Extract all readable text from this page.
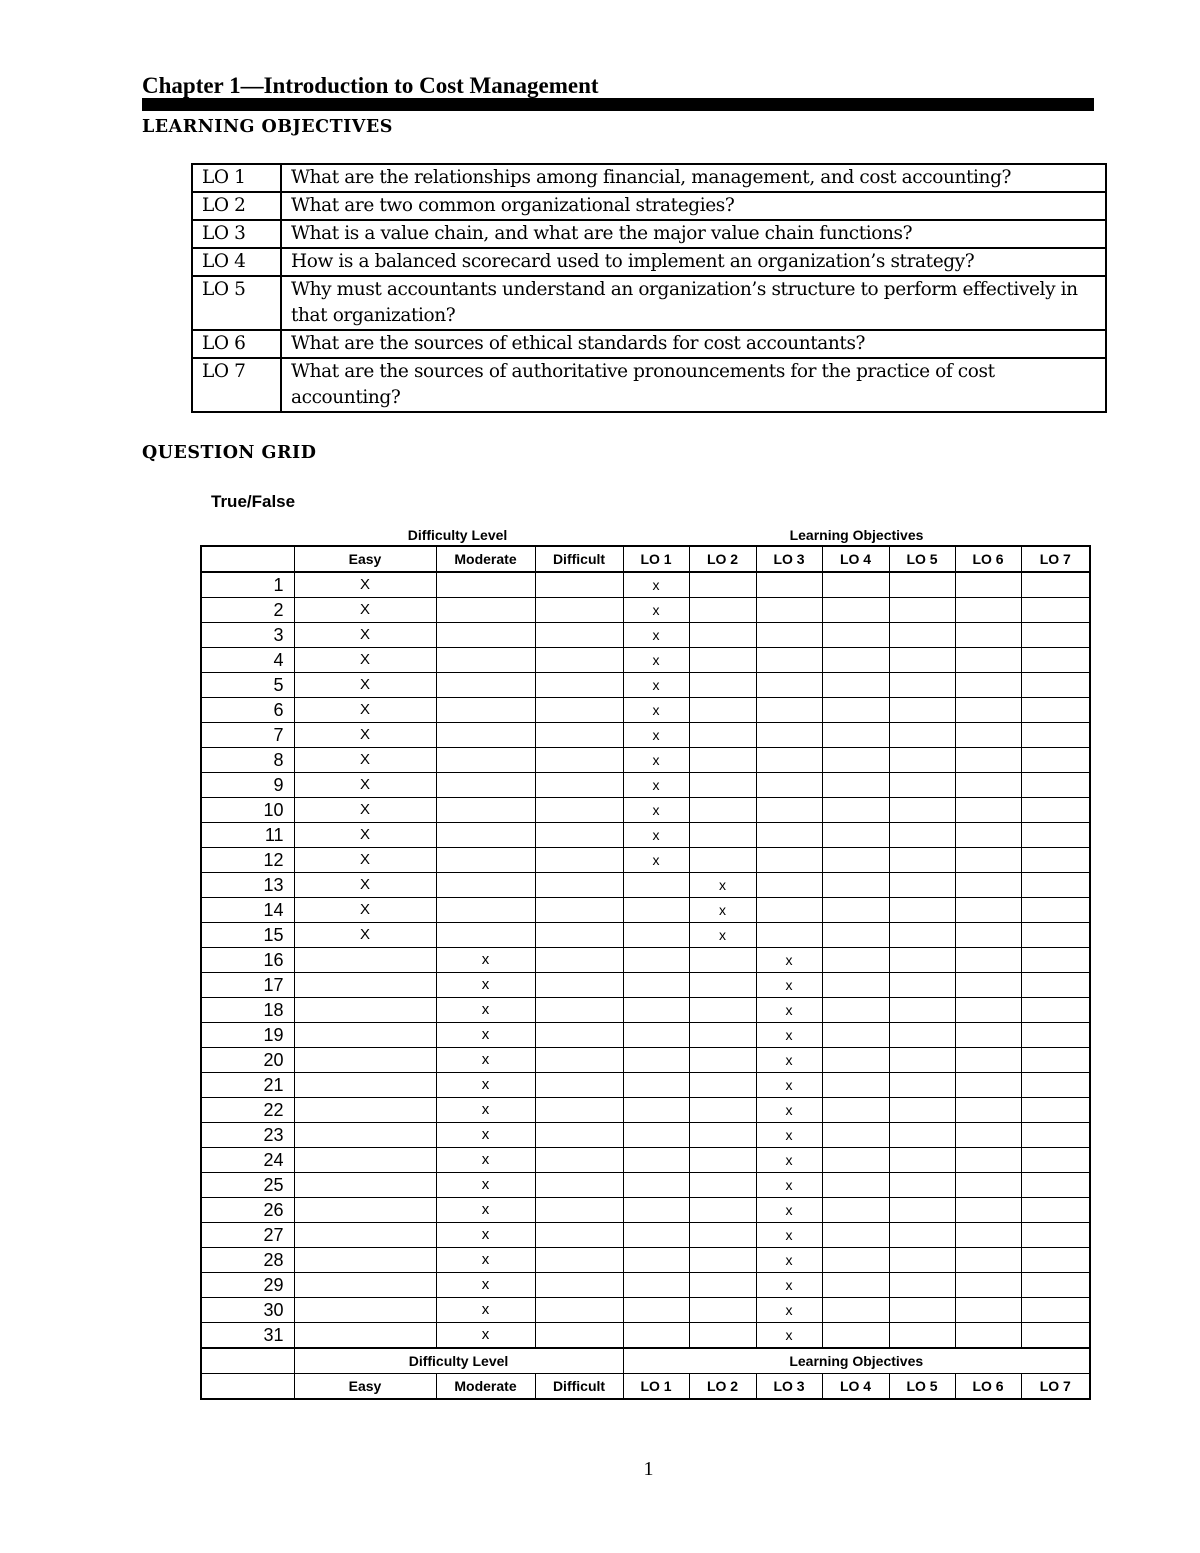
Chapter 1—Introduction to Cost Management
LEARNING OBJECTIVES
LO 1	What are the relationships among financial, management, and cost accounting?
LO 2	What are two common organizational strategies?
LO 3	What is a value chain, and what are the major value chain functions?
LO 4	How is a balanced scorecard used to implement an organization’s strategy?
LO 5	Why must accountants understand an organization’s structure to perform effectively in that organization?
LO 6	What are the sources of ethical standards for cost accountants?
LO 7	What are the sources of authoritative pronouncements for the practice of cost accounting?
QUESTION GRID
True/False
Difficulty Level	Learning Objectives
	Easy	Moderate	Difficult	LO 1	LO 2	LO 3	LO 4	LO 5	LO 6	LO 7
1	X			x						
2	X			x						
3	X			x						
4	X			x						
5	X			x						
6	X			x						
7	X			x						
8	X			x						
9	X			x						
10	X			x						
11	X			x						
12	X			x						
13	X				x					
14	X				x					
15	X				x					
16		x				x				
17		x				x				
18		x				x				
19		x				x				
20		x				x				
21		x				x				
22		x				x				
23		x				x				
24		x				x				
25		x				x				
26		x				x				
27		x				x				
28		x				x				
29		x				x				
30		x				x				
31		x				x				
	Difficulty Level			Learning Objectives						
	Easy	Moderate	Difficult	LO 1	LO 2	LO 3	LO 4	LO 5	LO 6	LO 7
1
